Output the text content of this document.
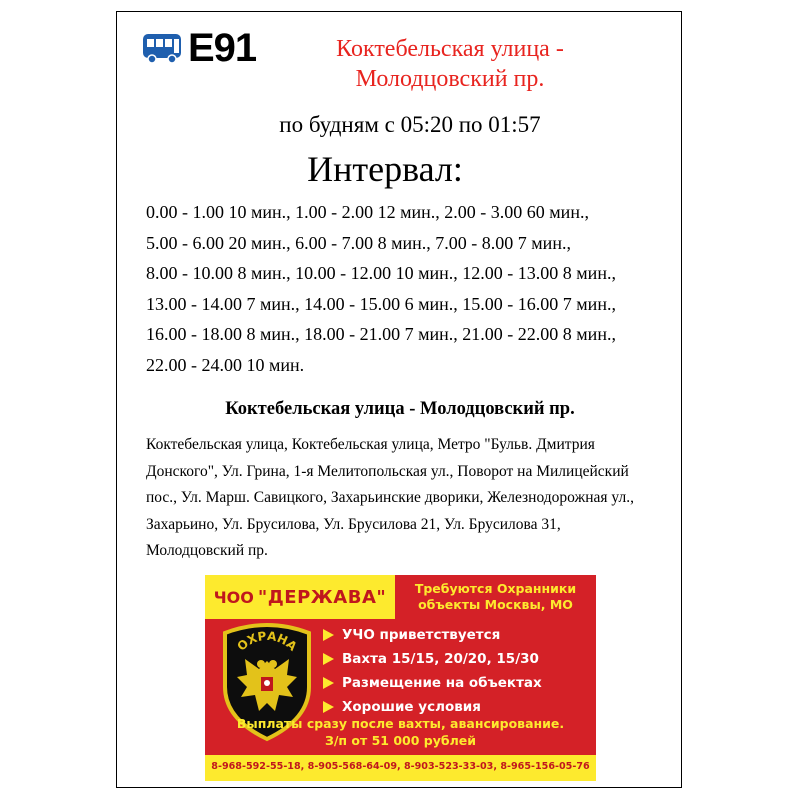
E91	Коктебельская улица -
Молодцовский пр.
по будням с 05:20 по 01:57
Интервал:
0.00 - 1.00 10 мин., 1.00 - 2.00 12 мин., 2.00 - 3.00 60 мин.,
5.00 - 6.00 20 мин., 6.00 - 7.00 8 мин., 7.00 - 8.00 7 мин.,
8.00 - 10.00 8 мин., 10.00 - 12.00 10 мин., 12.00 - 13.00 8 мин.,
13.00 - 14.00 7 мин., 14.00 - 15.00 6 мин., 15.00 - 16.00 7 мин.,
16.00 - 18.00 8 мин., 18.00 - 21.00 7 мин., 21.00 - 22.00 8 мин.,
22.00 - 24.00 10 мин.
Коктебельская улица - Молодцовский пр.
Коктебельская улица, Коктебельская улица, Метро "Бульв. Дмитрия Донского", Ул. Грина, 1-я Мелитопольская ул., Поворот на Милицейский пос., Ул. Марш. Савицкого, Захарьинские дворики, Железнодорожная ул., Захарьино, Ул. Брусилова, Ул. Брусилова 21, Ул. Брусилова 31, Молодцовский пр.
ЧОО "ДЕРЖАВА"	Требуются Охранники
объекты Москвы, МО
ОХРАНА
УЧО приветствуется
Вахта 15/15, 20/20, 15/30
Размещение на объектах
Хорошие условия
Выплаты сразу после вахты, авансирование.
З/п от 51 000 рублей
8-968-592-55-18, 8-905-568-64-09, 8-903-523-33-03, 8-965-156-05-76
